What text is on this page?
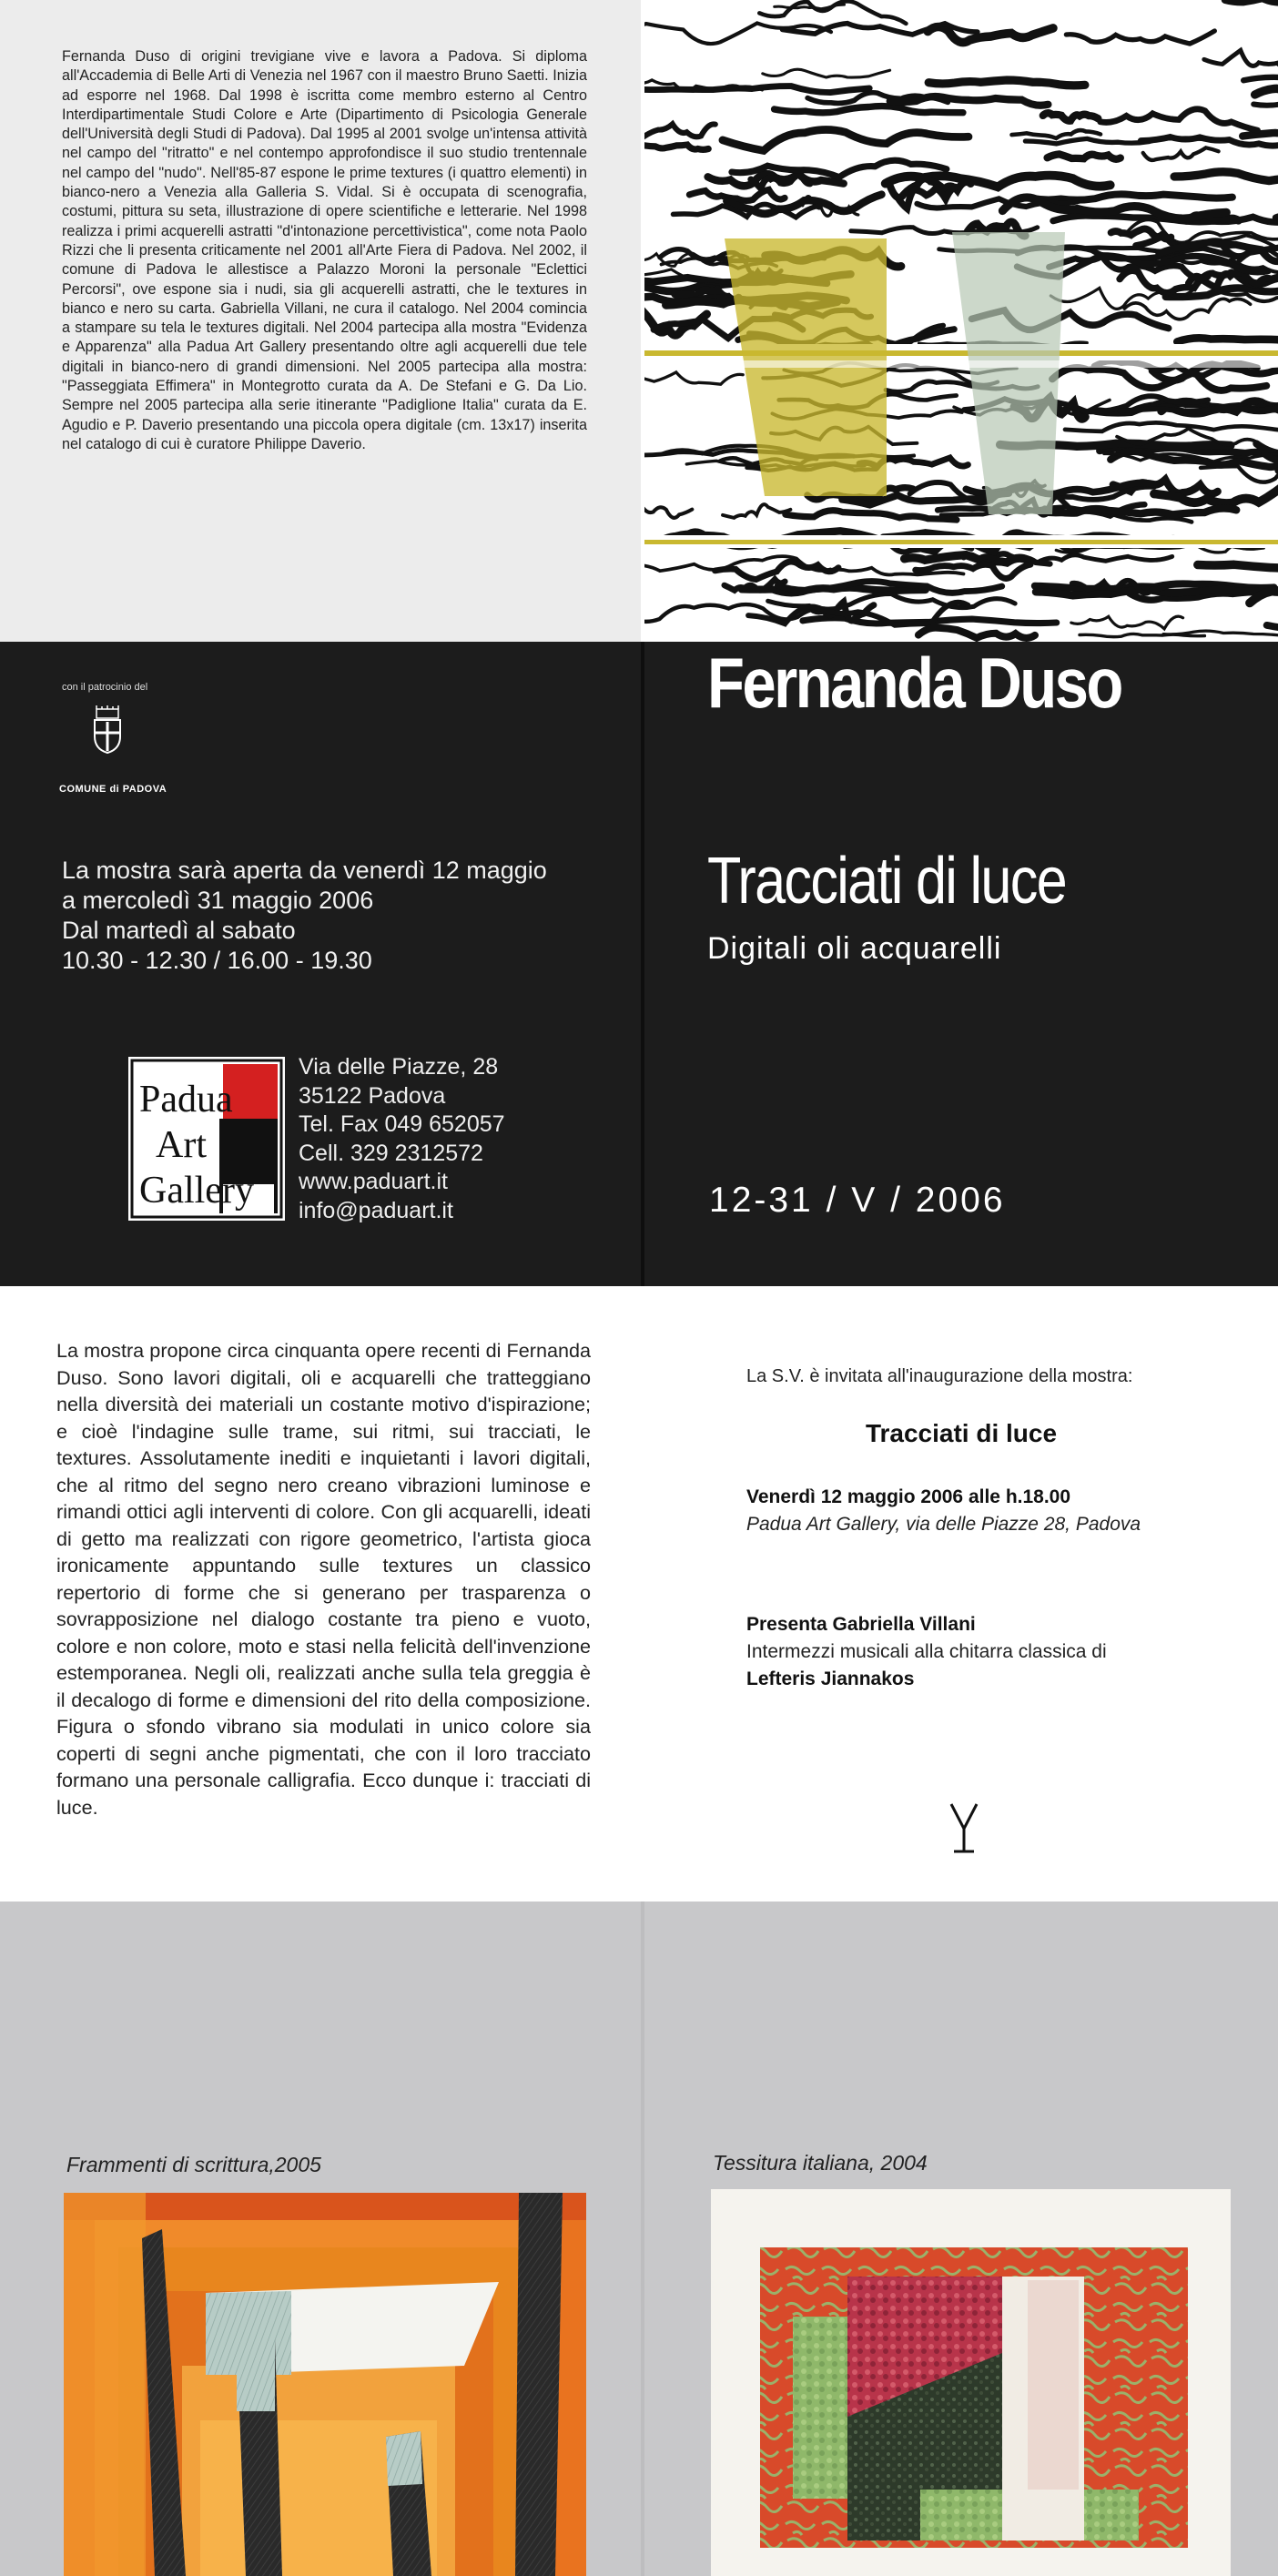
Fernanda Duso di origini trevigiane vive e lavora a Padova. Si diploma all'Accademia di Belle Arti di Venezia nel 1967 con il maestro Bruno Saetti. Inizia ad esporre nel 1968. Dal 1998 è iscritta come membro esterno al Centro Interdipartimentale Studi Colore e Arte (Dipartimento di Psicologia Generale dell'Università degli Studi di Padova). Dal 1995 al 2001 svolge un'intensa attività nel campo del "ritratto" e nel contempo approfondisce il suo studio trentennale nel campo del "nudo". Nell'85-87 espone le prime textures (i quattro elementi) in bianco-nero a Venezia alla Galleria S. Vidal. Si è occupata di scenografia, costumi, pittura su seta, illustrazione di opere scientifiche e letterarie. Nel 1998 realizza i primi acquerelli astratti "d'intonazione percettivistica", come nota Paolo Rizzi che li presenta criticamente nel 2001 all'Arte Fiera di Padova. Nel 2002, il comune di Padova le allestisce a Palazzo Moroni la personale "Eclettici Percorsi", ove espone sia i nudi, sia gli acquerelli astratti, che le textures in bianco e nero su carta. Gabriella Villani, ne cura il catalogo. Nel 2004 comincia a stampare su tela le textures digitali. Nel 2004 partecipa alla mostra "Evidenza e Apparenza" alla Padua Art Gallery presentando oltre agli acquerelli due tele digitali in bianco-nero di grandi dimensioni. Nel 2005 partecipa alla mostra: "Passeggiata Effimera" in Montegrotto curata da A. De Stefani e G. Da Lio. Sempre nel 2005 partecipa alla serie itinerante "Padiglione Italia" curata da E. Agudio e P. Daverio presentando una piccola opera digitale (cm. 13x17) inserita nel catalogo di cui è curatore Philippe Daverio.

con il patrocinio del
COMUNE di PADOVA
La mostra sarà aperta da venerdì 12 maggio
a mercoledì 31 maggio 2006
Dal martedì al sabato
10.30 - 12.30 / 16.00 - 19.30
Padua
Art
Gallery
Via delle Piazze, 28
35122 Padova
Tel. Fax 049 652057
Cell. 329 2312572
www.paduart.it
info@paduart.it
Fernanda Duso
Tracciati di luce
Digitali oli acquarelli
12-31 / V / 2006

La mostra propone circa cinquanta opere recenti di Fernanda Duso. Sono lavori digitali, oli e acquarelli che tratteggiano nella diversità dei materiali un costante motivo d'ispirazione; e cioè l'indagine sulle trame, sui ritmi, sui tracciati, le textures. Assolutamente inediti e inquietanti i lavori digitali, che al ritmo del segno nero creano vibrazioni luminose e rimandi ottici agli interventi di colore. Con gli acquarelli, ideati di getto ma realizzati con rigore geometrico, l'artista gioca ironicamente appuntando sulle textures un classico repertorio di forme che si generano per trasparenza o sovrapposizione nel dialogo costante tra pieno e vuoto, colore e non colore, moto e stasi nella felicità dell'invenzione estemporanea. Negli oli, realizzati anche sulla tela greggia è il decalogo di forme e dimensioni del rito della composizione. Figura o sfondo vibrano sia modulati in unico colore sia coperti di segni anche pigmentati, che con il loro tracciato formano una personale calligrafia. Ecco dunque i: tracciati di luce.

La S.V. è invitata all'inaugurazione della mostra:
Tracciati di luce
Venerdì 12 maggio 2006 alle h.18.00
Padua Art Gallery, via delle Piazze 28, Padova
Presenta Gabriella Villani
Intermezzi musicali alla chitarra classica di
Lefteris Jiannakos
Frammenti di scrittura,2005	Tessitura italiana, 2004
